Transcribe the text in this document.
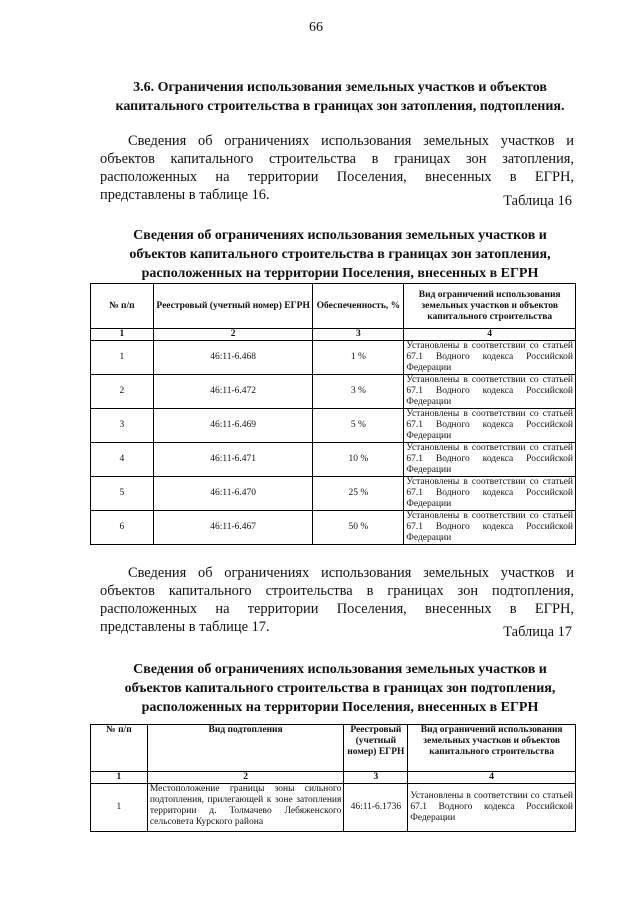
66
3.6. Ограничения использования земельных участков и объектов
капитального строительства в границах зон затопления, подтопления.
Сведения об ограничениях использования земельных участков и
объектов капитального строительства в границах зон затопления,
расположенных на территории Поселения, внесенных в ЕГРН,
представлены в таблице 16.	Таблица 16
Сведения об ограничениях использования земельных участков и
объектов капитального строительства в границах зон затопления,
расположенных на территории Поселения, внесенных в ЕГРН
№ п/п	Реестровый (учетный номер) ЕГРН	Обеспеченность, %	Вид ограничений использования земельных участков и объектов капитального строительства
1	2	3	4
1	46:11-6.468	1 %	Установлены в соответствии со статьей 67.1 Водного кодекса Российской Федерации
2	46:11-6.472	3 %	Установлены в соответствии со статьей 67.1 Водного кодекса Российской Федерации
3	46:11-6.469	5 %	Установлены в соответствии со статьей 67.1 Водного кодекса Российской Федерации
4	46:11-6.471	10 %	Установлены в соответствии со статьей 67.1 Водного кодекса Российской Федерации
5	46:11-6.470	25 %	Установлены в соответствии со статьей 67.1 Водного кодекса Российской Федерации
6	46:11-6.467	50 %	Установлены в соответствии со статьей 67.1 Водного кодекса Российской Федерации
Сведения об ограничениях использования земельных участков и
объектов капитального строительства в границах зон подтопления,
расположенных на территории Поселения, внесенных в ЕГРН,
представлены в таблице 17.	Таблица 17
Сведения об ограничениях использования земельных участков и
объектов капитального строительства в границах зон подтопления,
расположенных на территории Поселения, внесенных в ЕГРН
№ п/п	Вид подтопления	Реестровый (учетный номер) ЕГРН	Вид ограничений использования земельных участков и объектов капитального строительства
1	2	3	4
1	Местоположение границы зоны сильного подтопления, прилегающей к зоне затопления территории д. Толмачево Лебяженского сельсовета Курского района	46:11-6.1736	Установлены в соответствии со статьей 67.1 Водного кодекса Российской Федерации
